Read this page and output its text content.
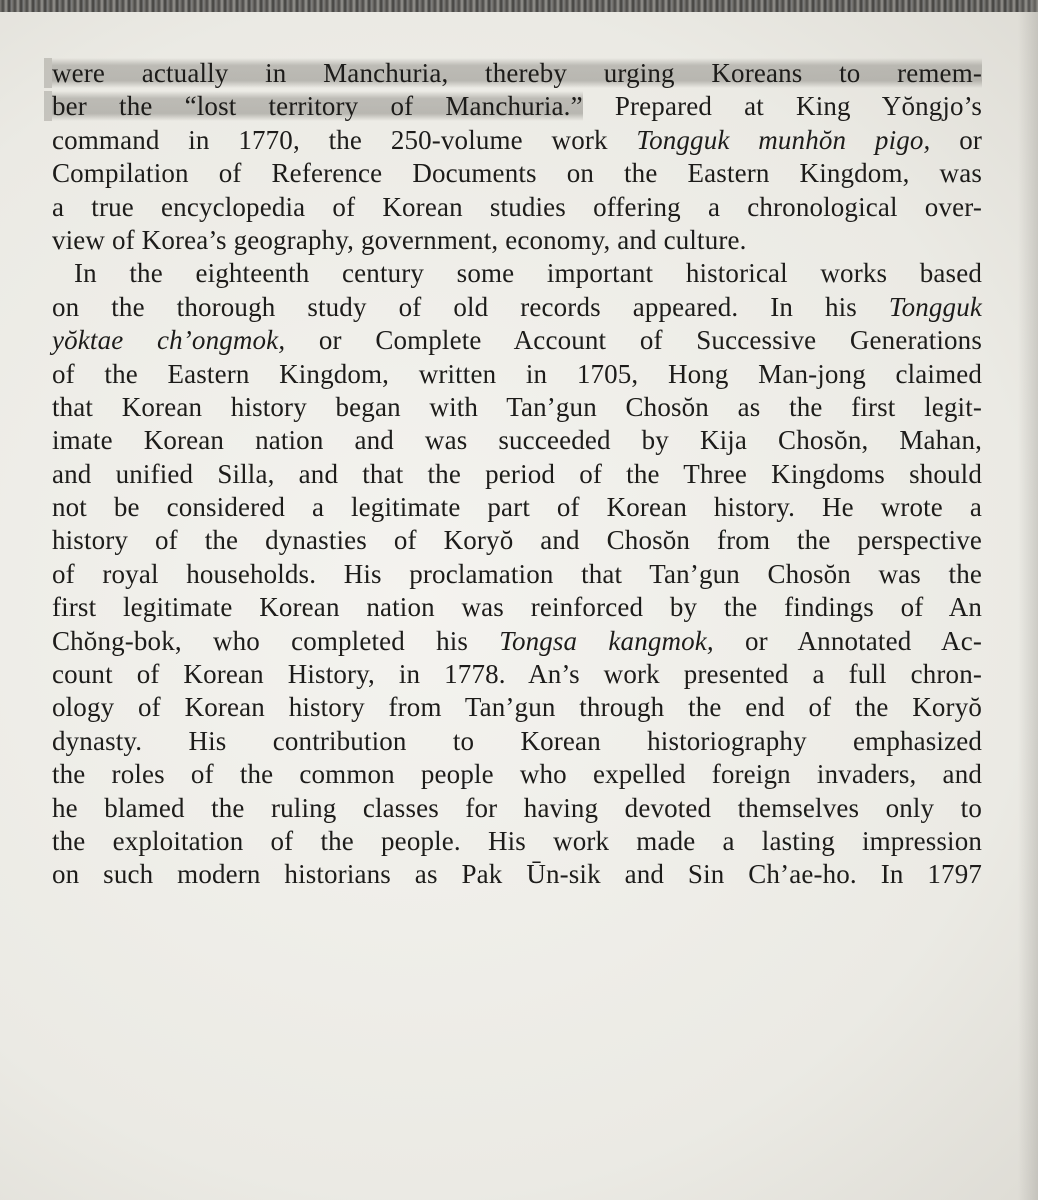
were actually in Manchuria, thereby urging Koreans to remem-
ber the “lost territory of Manchuria.” Prepared at King Yŏngjo’s
command in 1770, the 250-volume work Tongguk munhŏn pigo, or
Compilation of Reference Documents on the Eastern Kingdom, was
a true encyclopedia of Korean studies offering a chronological over-
view of Korea’s geography, government, economy, and culture.
In the eighteenth century some important historical works based
on the thorough study of old records appeared. In his Tongguk
yŏktae ch’ongmok, or Complete Account of Successive Generations
of the Eastern Kingdom, written in 1705, Hong Man-jong claimed
that Korean history began with Tan’gun Chosŏn as the first legit-
imate Korean nation and was succeeded by Kija Chosŏn, Mahan,
and unified Silla, and that the period of the Three Kingdoms should
not be considered a legitimate part of Korean history. He wrote a
history of the dynasties of Koryŏ and Chosŏn from the perspective
of royal households. His proclamation that Tan’gun Chosŏn was the
first legitimate Korean nation was reinforced by the findings of An
Chŏng-bok, who completed his Tongsa kangmok, or Annotated Ac-
count of Korean History, in 1778. An’s work presented a full chron-
ology of Korean history from Tan’gun through the end of the Koryŏ
dynasty. His contribution to Korean historiography emphasized
the roles of the common people who expelled foreign invaders, and
he blamed the ruling classes for having devoted themselves only to
the exploitation of the people. His work made a lasting impression
on such modern historians as Pak Ūn-sik and Sin Ch’ae-ho. In 1797
